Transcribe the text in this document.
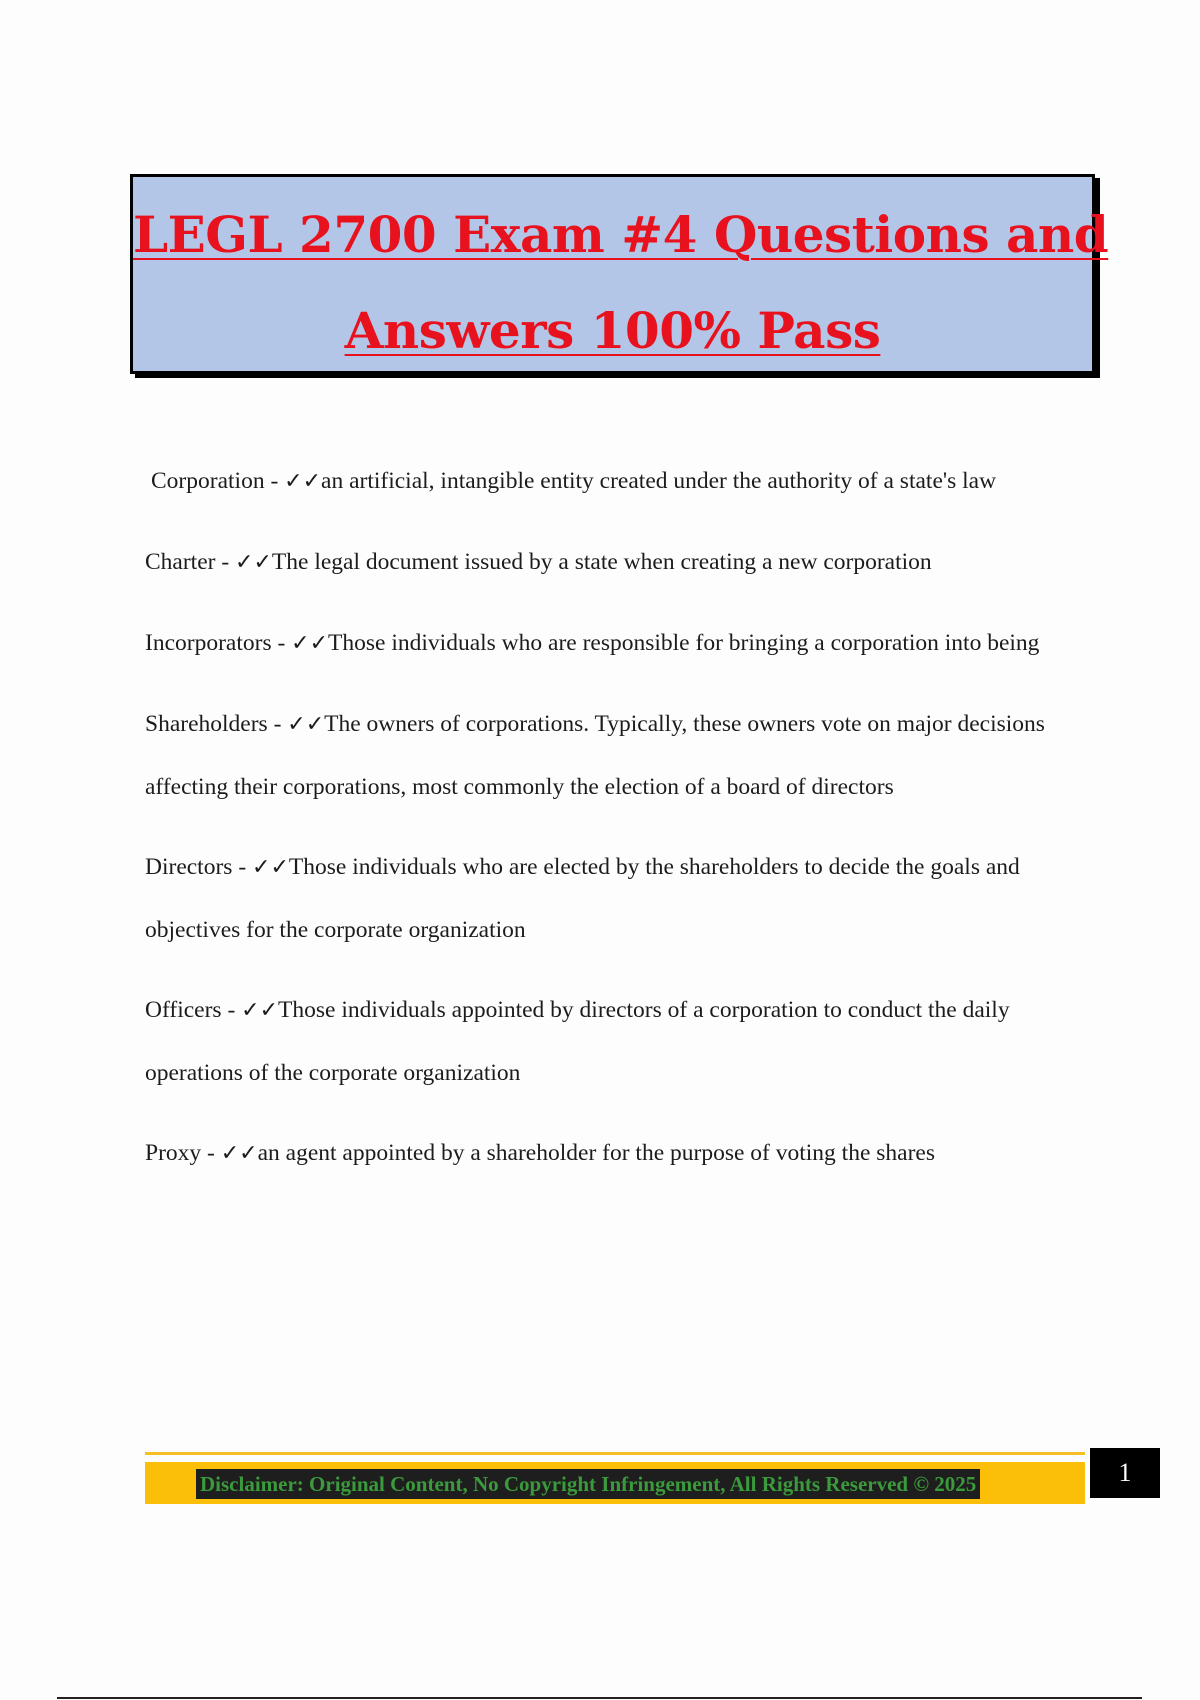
LEGL 2700 Exam #4 Questions and
Answers 100% Pass
Corporation - ✓✓an artificial, intangible entity created under the authority of a state's law
Charter - ✓✓The legal document issued by a state when creating a new corporation
Incorporators - ✓✓Those individuals who are responsible for bringing a corporation into being
Shareholders - ✓✓The owners of corporations. Typically, these owners vote on major decisions affecting their corporations, most commonly the election of a board of directors
Directors - ✓✓Those individuals who are elected by the shareholders to decide the goals and objectives for the corporate organization
Officers - ✓✓Those individuals appointed by directors of a corporation to conduct the daily operations of the corporate organization
Proxy - ✓✓an agent appointed by a shareholder for the purpose of voting the shares
Disclaimer: Original Content, No Copyright Infringement, All Rights Reserved © 2025	1
